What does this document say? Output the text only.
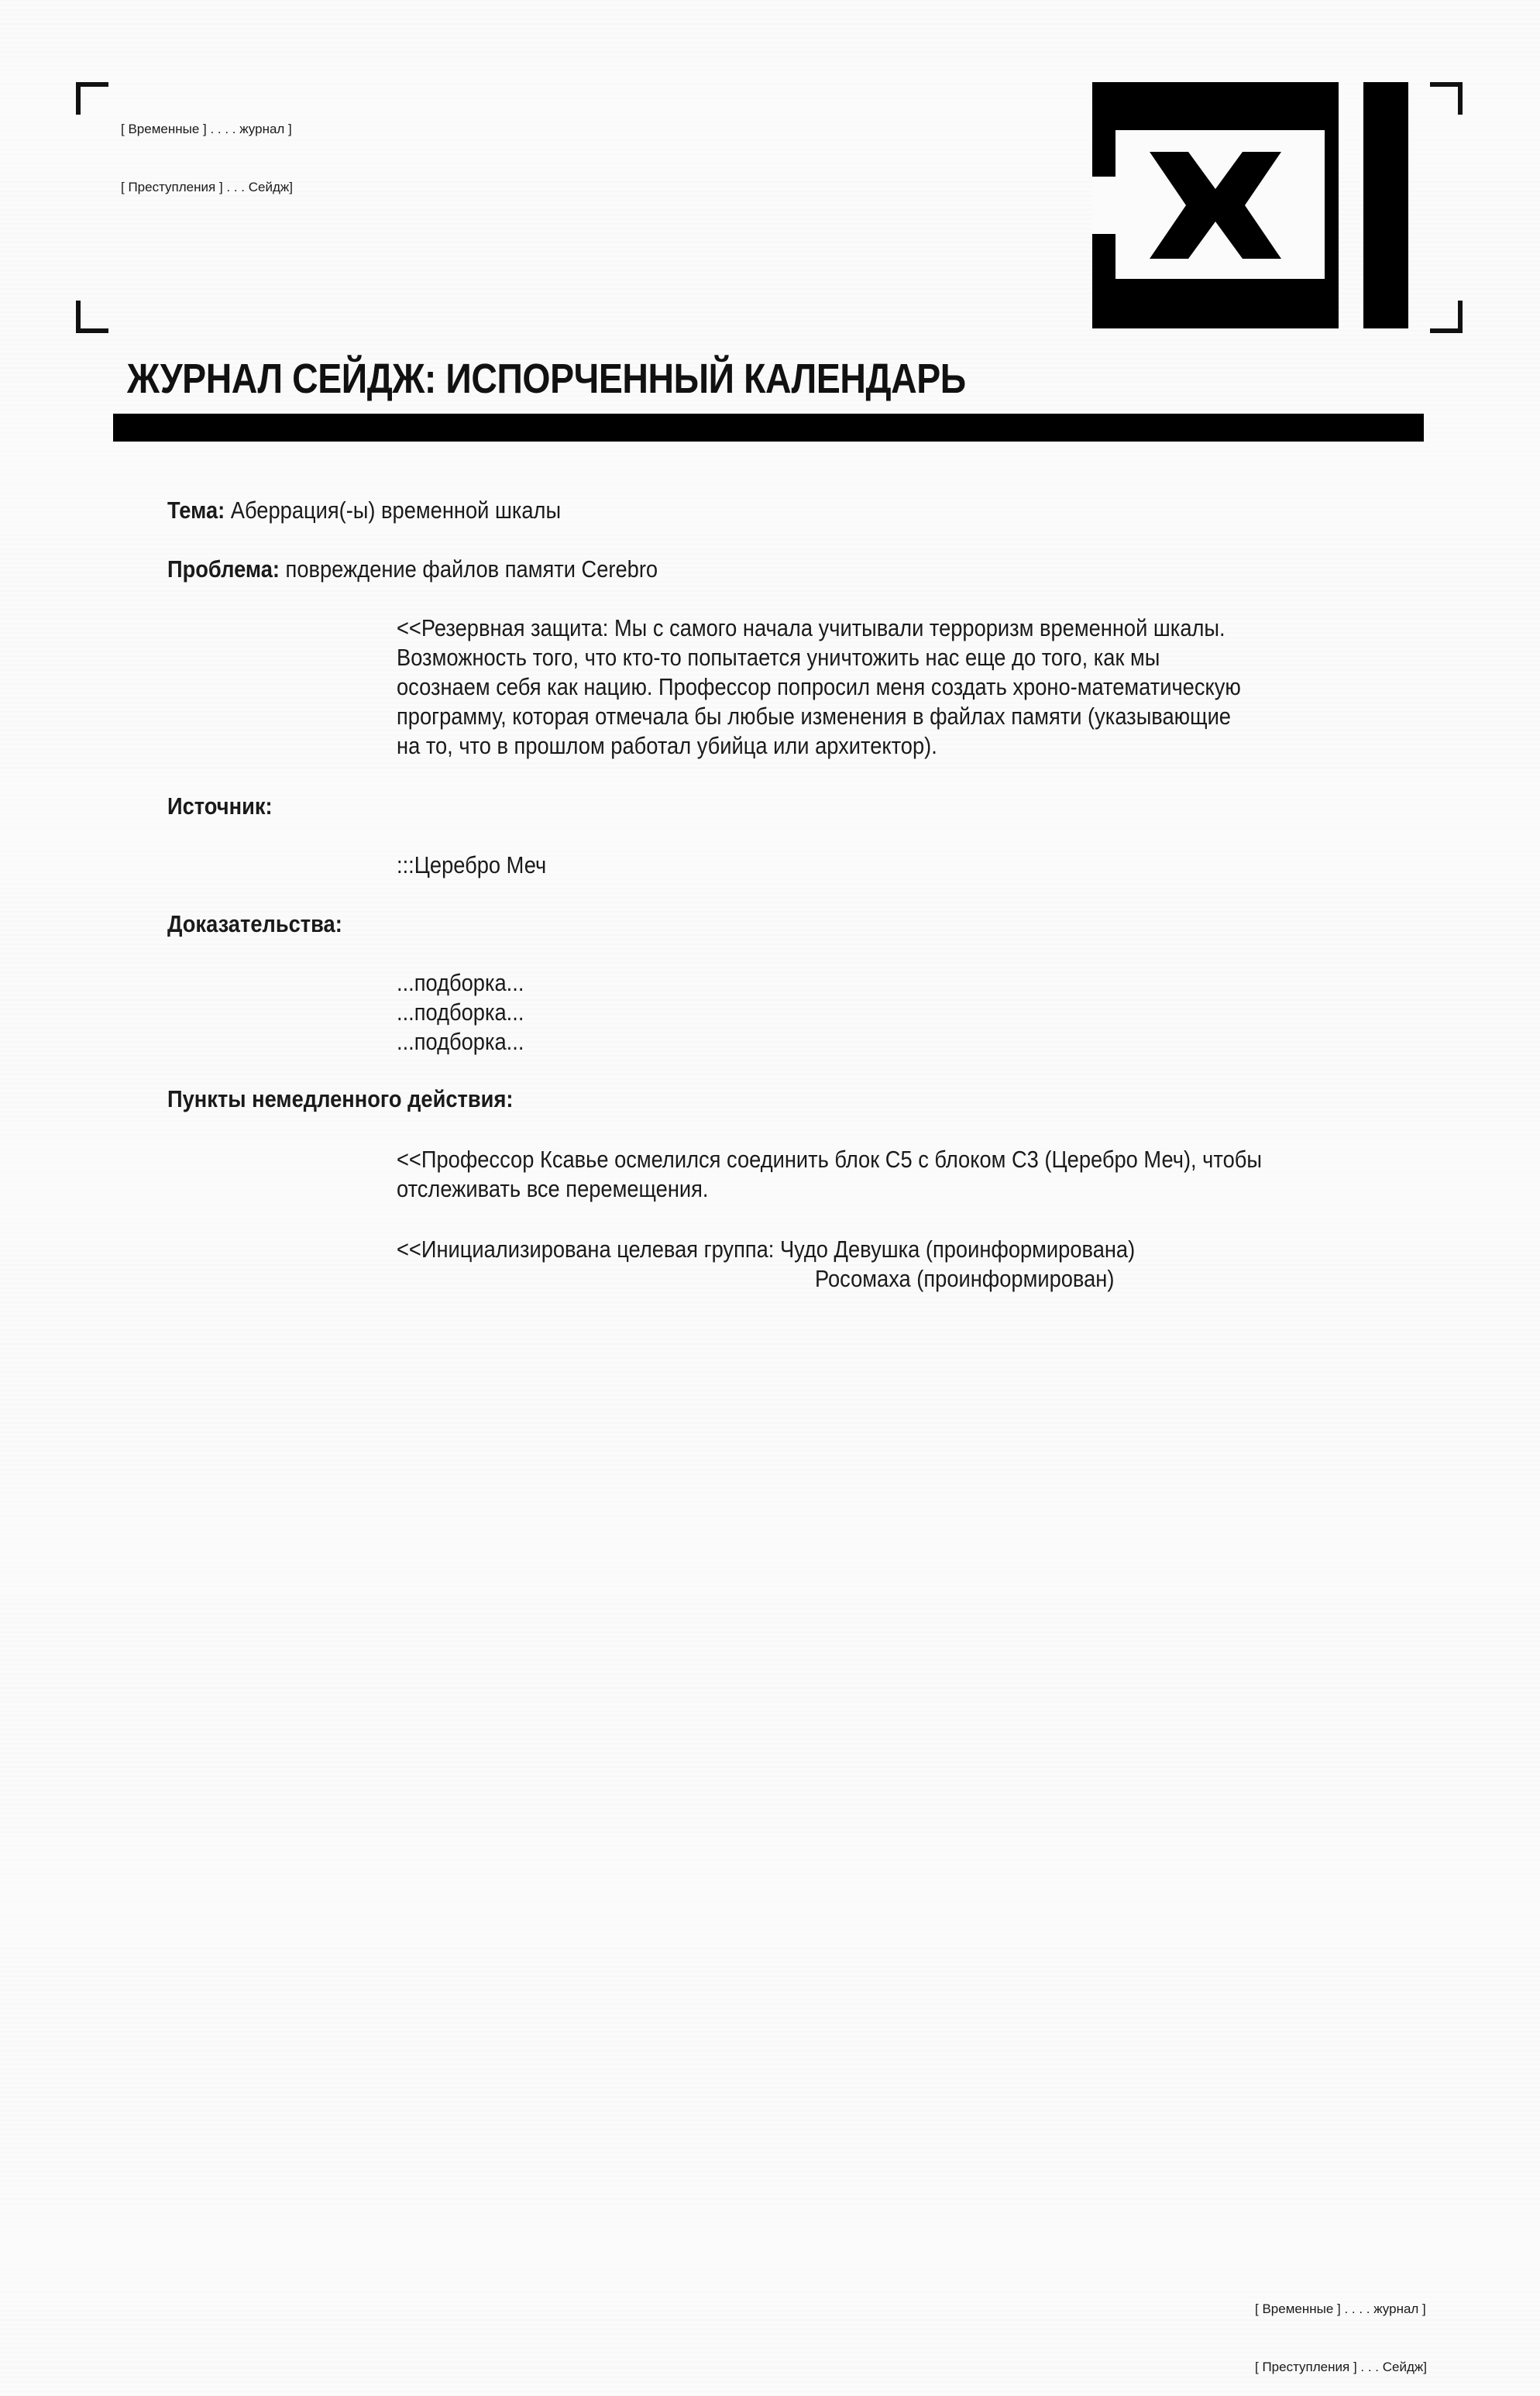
[ Временные ] . . . . журнал ]

[ Преступления ] . . . Сейдж]

ЖУРНАЛ СЕЙДЖ: ИСПОРЧЕННЫЙ КАЛЕНДАРЬ
Тема: Аберрация(-ы) временной шкалы
Проблема: повреждение файлов памяти Cerebro
<<Резервная защита: Мы с самого начала учитывали терроризм временной шкалы.
Возможность того, что кто-то попытается уничтожить нас еще до того, как мы
осознаем себя как нацию. Профессор попросил меня создать хроно-математическую
программу, которая отмечала бы любые изменения в файлах памяти (указывающие
на то, что в прошлом работал убийца или архитектор).
Источник:
:::Церебро Меч
Доказательства:
...подборка...
...подборка...
...подборка...
Пункты немедленного действия:
<<Профессор Ксавье осмелился соединить блок С5 с блоком С3 (Церебро Меч), чтобы
отслеживать все перемещения.
<<Инициализирована целевая группа: Чудо Девушка (проинформирована)
Росомаха (проинформирован)

[ Временные ] . . . . журнал ]

[ Преступления ] . . . Сейдж]
